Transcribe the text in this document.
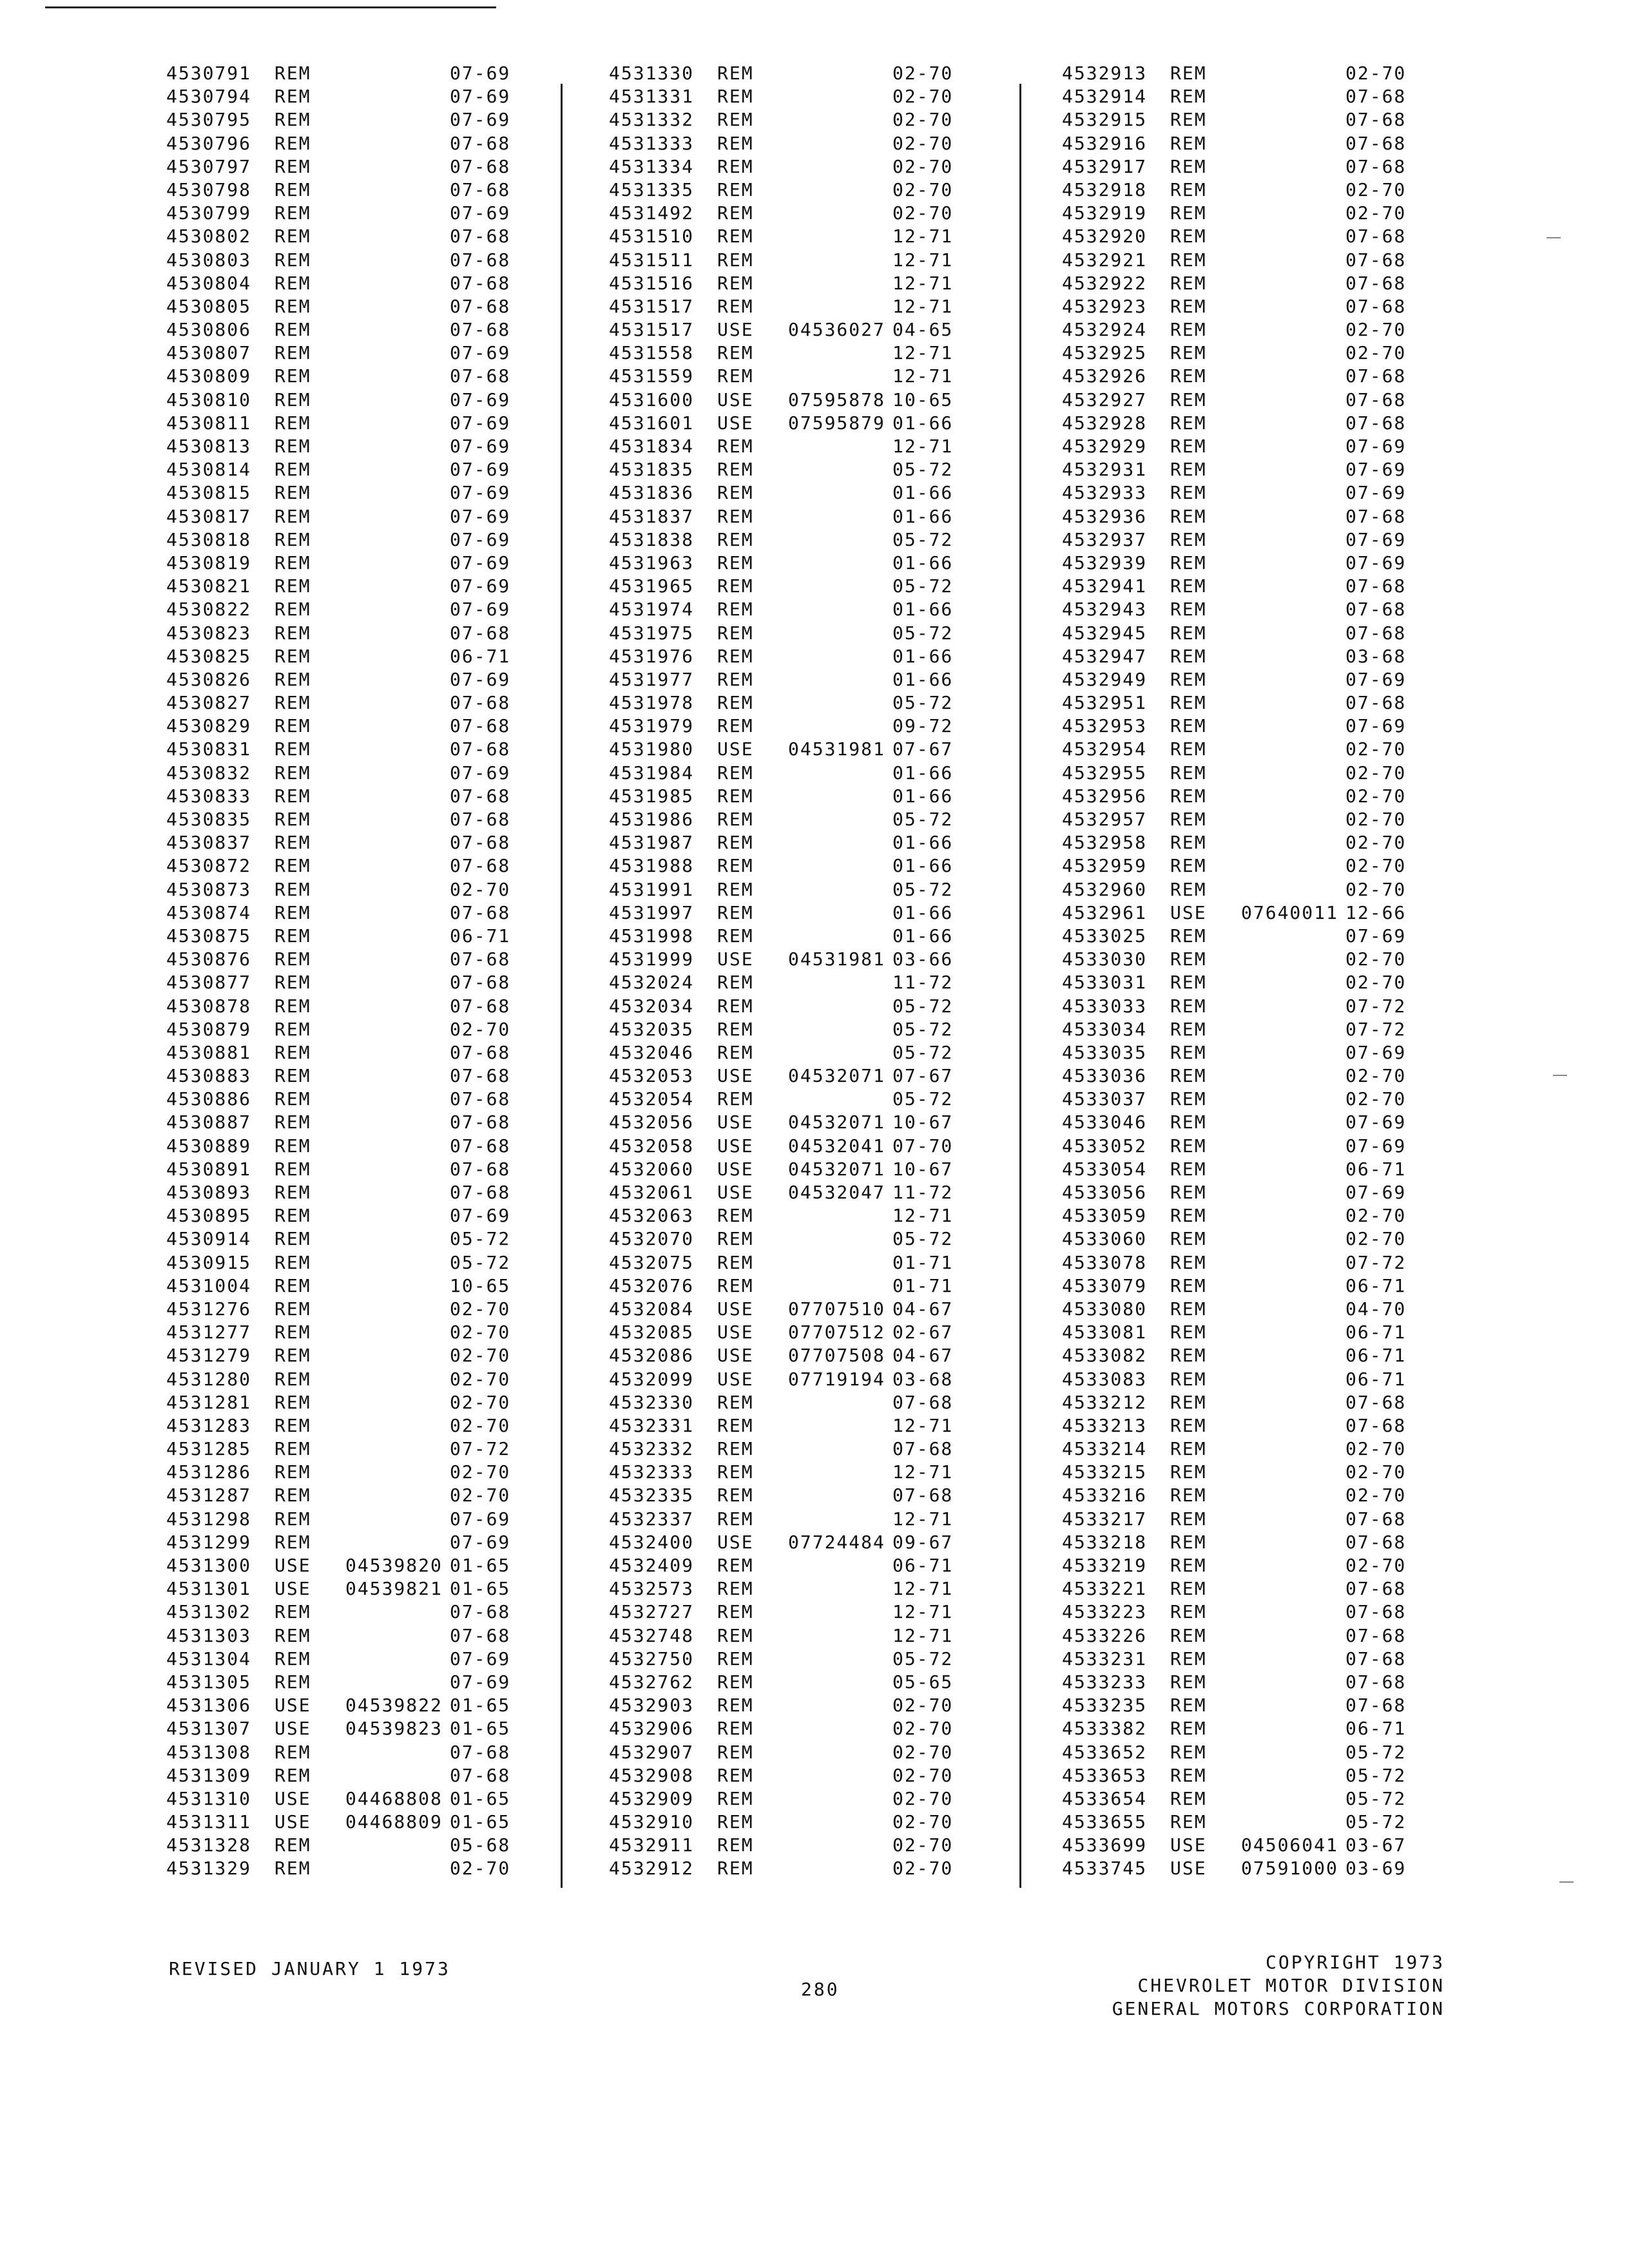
4530791 REM	07-69
4530794 REM	07-69
4530795 REM	07-69
4530796 REM	07-68
4530797 REM	07-68
4530798 REM	07-68
4530799 REM	07-69
4530802 REM	07-68
4530803 REM	07-68
4530804 REM	07-68
4530805 REM	07-68
4530806 REM	07-68
4530807 REM	07-69
4530809 REM	07-68
4530810 REM	07-69
4530811 REM	07-69
4530813 REM	07-69
4530814 REM	07-69
4530815 REM	07-69
4530817 REM	07-69
4530818 REM	07-69
4530819 REM	07-69
4530821 REM	07-69
4530822 REM	07-69
4530823 REM	07-68
4530825 REM	06-71
4530826 REM	07-69
4530827 REM	07-68
4530829 REM	07-68
4530831 REM	07-68
4530832 REM	07-69
4530833 REM	07-68
4530835 REM	07-68
4530837 REM	07-68
4530872 REM	07-68
4530873 REM	02-70
4530874 REM	07-68
4530875 REM	06-71
4530876 REM	07-68
4530877 REM	07-68
4530878 REM	07-68
4530879 REM	02-70
4530881 REM	07-68
4530883 REM	07-68
4530886 REM	07-68
4530887 REM	07-68
4530889 REM	07-68
4530891 REM	07-68
4530893 REM	07-68
4530895 REM	07-69
4530914 REM	05-72
4530915 REM	05-72
4531004 REM	10-65
4531276 REM	02-70
4531277 REM	02-70
4531279 REM	02-70
4531280 REM	02-70
4531281 REM	02-70
4531283 REM	02-70
4531285 REM	07-72
4531286 REM	02-70
4531287 REM	02-70
4531298 REM	07-69
4531299 REM	07-69
4531300 USE 04539820 01-65
4531301 USE 04539821 01-65
4531302 REM	07-68
4531303 REM	07-68
4531304 REM	07-69
4531305 REM	07-69
4531306 USE 04539822 01-65
4531307 USE 04539823 01-65
4531308 REM	07-68
4531309 REM	07-68
4531310 USE 04468808 01-65
4531311 USE 04468809 01-65
4531328 REM	05-68
4531329 REM	02-70
4531330 REM	02-70
4531331 REM	02-70
4531332 REM	02-70
4531333 REM	02-70
4531334 REM	02-70
4531335 REM	02-70
4531492 REM	02-70
4531510 REM	12-71
4531511 REM	12-71
4531516 REM	12-71
4531517 REM	12-71
4531517 USE 04536027 04-65
4531558 REM	12-71
4531559 REM	12-71
4531600 USE 07595878 10-65
4531601 USE 07595879 01-66
4531834 REM	12-71
4531835 REM	05-72
4531836 REM	01-66
4531837 REM	01-66
4531838 REM	05-72
4531963 REM	01-66
4531965 REM	05-72
4531974 REM	01-66
4531975 REM	05-72
4531976 REM	01-66
4531977 REM	01-66
4531978 REM	05-72
4531979 REM	09-72
4531980 USE 04531981 07-67
4531984 REM	01-66
4531985 REM	01-66
4531986 REM	05-72
4531987 REM	01-66
4531988 REM	01-66
4531991 REM	05-72
4531997 REM	01-66
4531998 REM	01-66
4531999 USE 04531981 03-66
4532024 REM	11-72
4532034 REM	05-72
4532035 REM	05-72
4532046 REM	05-72
4532053 USE 04532071 07-67
4532054 REM	05-72
4532056 USE 04532071 10-67
4532058 USE 04532041 07-70
4532060 USE 04532071 10-67
4532061 USE 04532047 11-72
4532063 REM	12-71
4532070 REM	05-72
4532075 REM	01-71
4532076 REM	01-71
4532084 USE 07707510 04-67
4532085 USE 07707512 02-67
4532086 USE 07707508 04-67
4532099 USE 07719194 03-68
4532330 REM	07-68
4532331 REM	12-71
4532332 REM	07-68
4532333 REM	12-71
4532335 REM	07-68
4532337 REM	12-71
4532400 USE 07724484 09-67
4532409 REM	06-71
4532573 REM	12-71
4532727 REM	12-71
4532748 REM	12-71
4532750 REM	05-72
4532762 REM	05-65
4532903 REM	02-70
4532906 REM	02-70
4532907 REM	02-70
4532908 REM	02-70
4532909 REM	02-70
4532910 REM	02-70
4532911 REM	02-70
4532912 REM	02-70
4532913 REM	02-70
4532914 REM	07-68
4532915 REM	07-68
4532916 REM	07-68
4532917 REM	07-68
4532918 REM	02-70
4532919 REM	02-70
4532920 REM	07-68
4532921 REM	07-68
4532922 REM	07-68
4532923 REM	07-68
4532924 REM	02-70
4532925 REM	02-70
4532926 REM	07-68
4532927 REM	07-68
4532928 REM	07-68
4532929 REM	07-69
4532931 REM	07-69
4532933 REM	07-69
4532936 REM	07-68
4532937 REM	07-69
4532939 REM	07-69
4532941 REM	07-68
4532943 REM	07-68
4532945 REM	07-68
4532947 REM	03-68
4532949 REM	07-69
4532951 REM	07-68
4532953 REM	07-69
4532954 REM	02-70
4532955 REM	02-70
4532956 REM	02-70
4532957 REM	02-70
4532958 REM	02-70
4532959 REM	02-70
4532960 REM	02-70
4532961 USE 07640011 12-66
4533025 REM	07-69
4533030 REM	02-70
4533031 REM	02-70
4533033 REM	07-72
4533034 REM	07-72
4533035 REM	07-69
4533036 REM	02-70
4533037 REM	02-70
4533046 REM	07-69
4533052 REM	07-69
4533054 REM	06-71
4533056 REM	07-69
4533059 REM	02-70
4533060 REM	02-70
4533078 REM	07-72
4533079 REM	06-71
4533080 REM	04-70
4533081 REM	06-71
4533082 REM	06-71
4533083 REM	06-71
4533212 REM	07-68
4533213 REM	07-68
4533214 REM	02-70
4533215 REM	02-70
4533216 REM	02-70
4533217 REM	07-68
4533218 REM	07-68
4533219 REM	02-70
4533221 REM	07-68
4533223 REM	07-68
4533226 REM	07-68
4533231 REM	07-68
4533233 REM	07-68
4533235 REM	07-68
4533382 REM	06-71
4533652 REM	05-72
4533653 REM	05-72
4533654 REM	05-72
4533655 REM	05-72
4533699 USE 04506041 03-67
4533745 USE 07591000 03-69
REVISED JANUARY 1 1973
280
COPYRIGHT 1973
CHEVROLET MOTOR DIVISION
GENERAL MOTORS CORPORATION
